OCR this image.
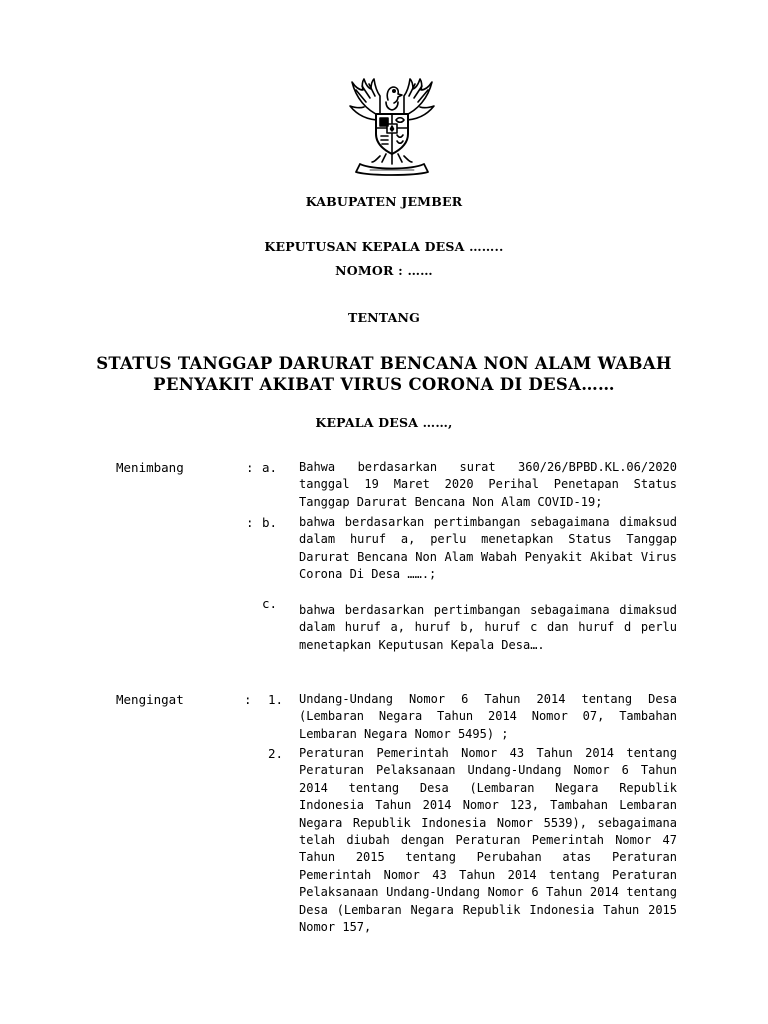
KABUPATEN JEMBER
KEPUTUSAN KEPALA DESA ……..
NOMOR : ……
TENTANG
STATUS TANGGAP DARURAT BENCANA NON ALAM WABAH
PENYAKIT AKIBAT VIRUS CORONA DI DESA……
KEPALA DESA ……,
Menimbang	: a. Bahwa berdasarkan surat 360/26/BPBD.KL.06/2020 tanggal 19 Maret 2020 Perihal Penetapan Status Tanggap Darurat Bencana Non Alam COVID-19;
: b. bahwa berdasarkan pertimbangan sebagaimana dimaksud dalam huruf a, perlu menetapkan Status Tanggap Darurat Bencana Non Alam Wabah Penyakit Akibat Virus Corona Di Desa …….;
c. bahwa berdasarkan pertimbangan sebagaimana dimaksud dalam huruf a, huruf b, huruf c dan huruf d perlu menetapkan Keputusan Kepala Desa….
Mengingat	: 1. Undang-Undang Nomor 6 Tahun 2014 tentang Desa (Lembaran Negara Tahun 2014 Nomor 07, Tambahan Lembaran Negara Nomor 5495) ;
2. Peraturan Pemerintah Nomor 43 Tahun 2014 tentang Peraturan Pelaksanaan Undang-Undang Nomor 6 Tahun 2014 tentang Desa (Lembaran Negara Republik Indonesia Tahun 2014 Nomor 123, Tambahan Lembaran Negara Republik Indonesia Nomor 5539), sebagaimana telah diubah dengan Peraturan Pemerintah Nomor 47 Tahun 2015 tentang Perubahan atas Peraturan Pemerintah Nomor 43 Tahun 2014 tentang Peraturan Pelaksanaan Undang-Undang Nomor 6 Tahun 2014 tentang Desa (Lembaran Negara Republik Indonesia Tahun 2015 Nomor 157,
